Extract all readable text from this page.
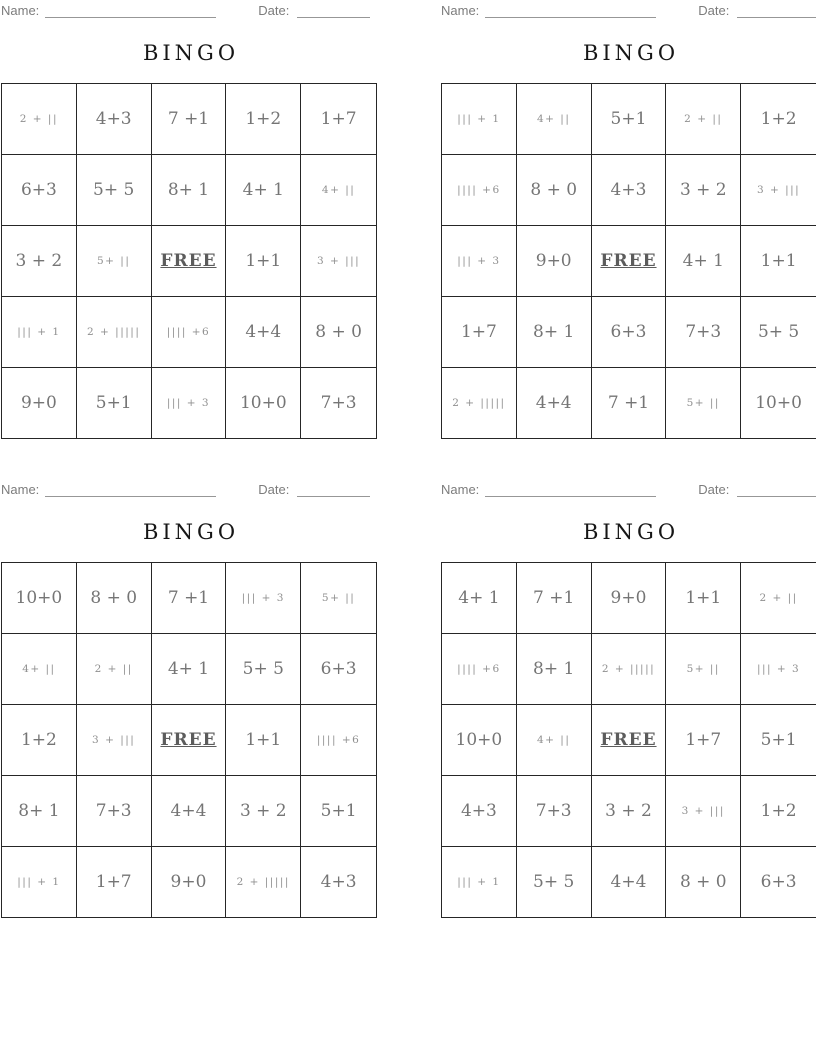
Name:	Date:
BINGO
2 + ||	4+3	7 +1	1+2	1+7
6+3	5+ 5	8+ 1	4+ 1	4+ ||
3 + 2	5+ ||	FREE	1+1	3 + |||
||| + 1	2 + |||||	|||| +6	4+4	8 + 0
9+0	5+1	||| + 3	10+0	7+3
Name:	Date:
BINGO
||| + 1	4+ ||	5+1	2 + ||	1+2
|||| +6	8 + 0	4+3	3 + 2	3 + |||
||| + 3	9+0	FREE	4+ 1	1+1
1+7	8+ 1	6+3	7+3	5+ 5
2 + |||||	4+4	7 +1	5+ ||	10+0
Name:	Date:
BINGO
10+0	8 + 0	7 +1	||| + 3	5+ ||
4+ ||	2 + ||	4+ 1	5+ 5	6+3
1+2	3 + |||	FREE	1+1	|||| +6
8+ 1	7+3	4+4	3 + 2	5+1
||| + 1	1+7	9+0	2 + |||||	4+3
Name:	Date:
BINGO
4+ 1	7 +1	9+0	1+1	2 + ||
|||| +6	8+ 1	2 + |||||	5+ ||	||| + 3
10+0	4+ ||	FREE	1+7	5+1
4+3	7+3	3 + 2	3 + |||	1+2
||| + 1	5+ 5	4+4	8 + 0	6+3
